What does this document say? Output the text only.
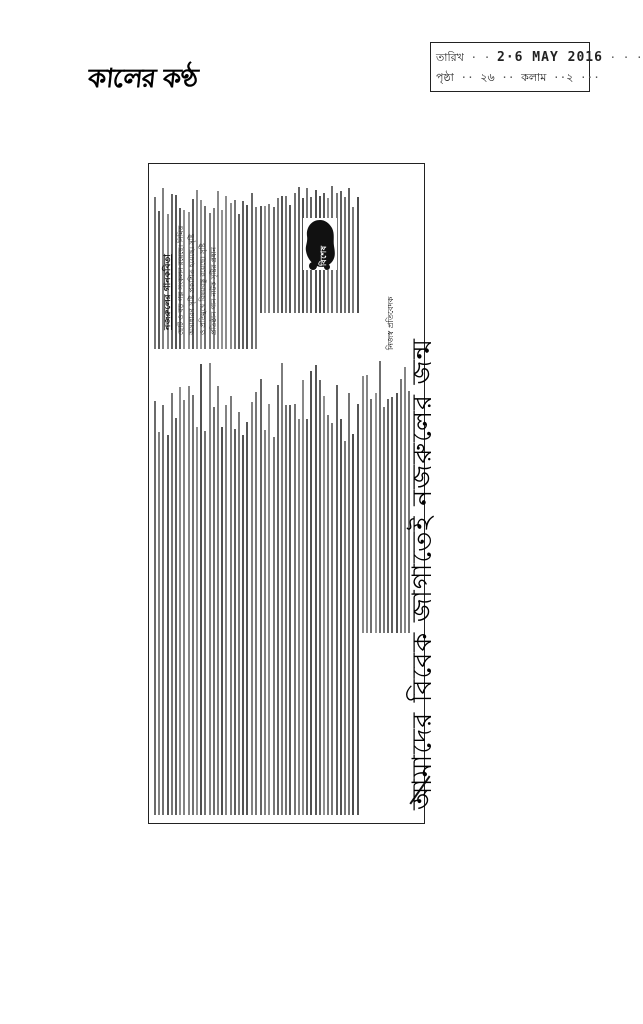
কালের কণ্ঠ
তারিখ · · 2·6 MAY 2016 · · ·
পৃষ্ঠা ·· ২৬ ·· কলাম ··২ ···
আমাদের বিবেক জাগাতেই নজরুলের জন্ম
নিজস্ব প্রতিবেদক
বিশেষ
নজরুলের গানকবিতা ছোট ও বড় গল্প সংকলন রয়েছে। নিমিত্ত অসাধারণ সৃষ্টি প্রকাশিত হয়েছে। সৃষ্টি ও প্রতিমুখে বিষয়বস্তু রয়েছে। সৃষ্টি প্রতিষ্ঠান গান নাটক সৃষ্টির প্রধান
